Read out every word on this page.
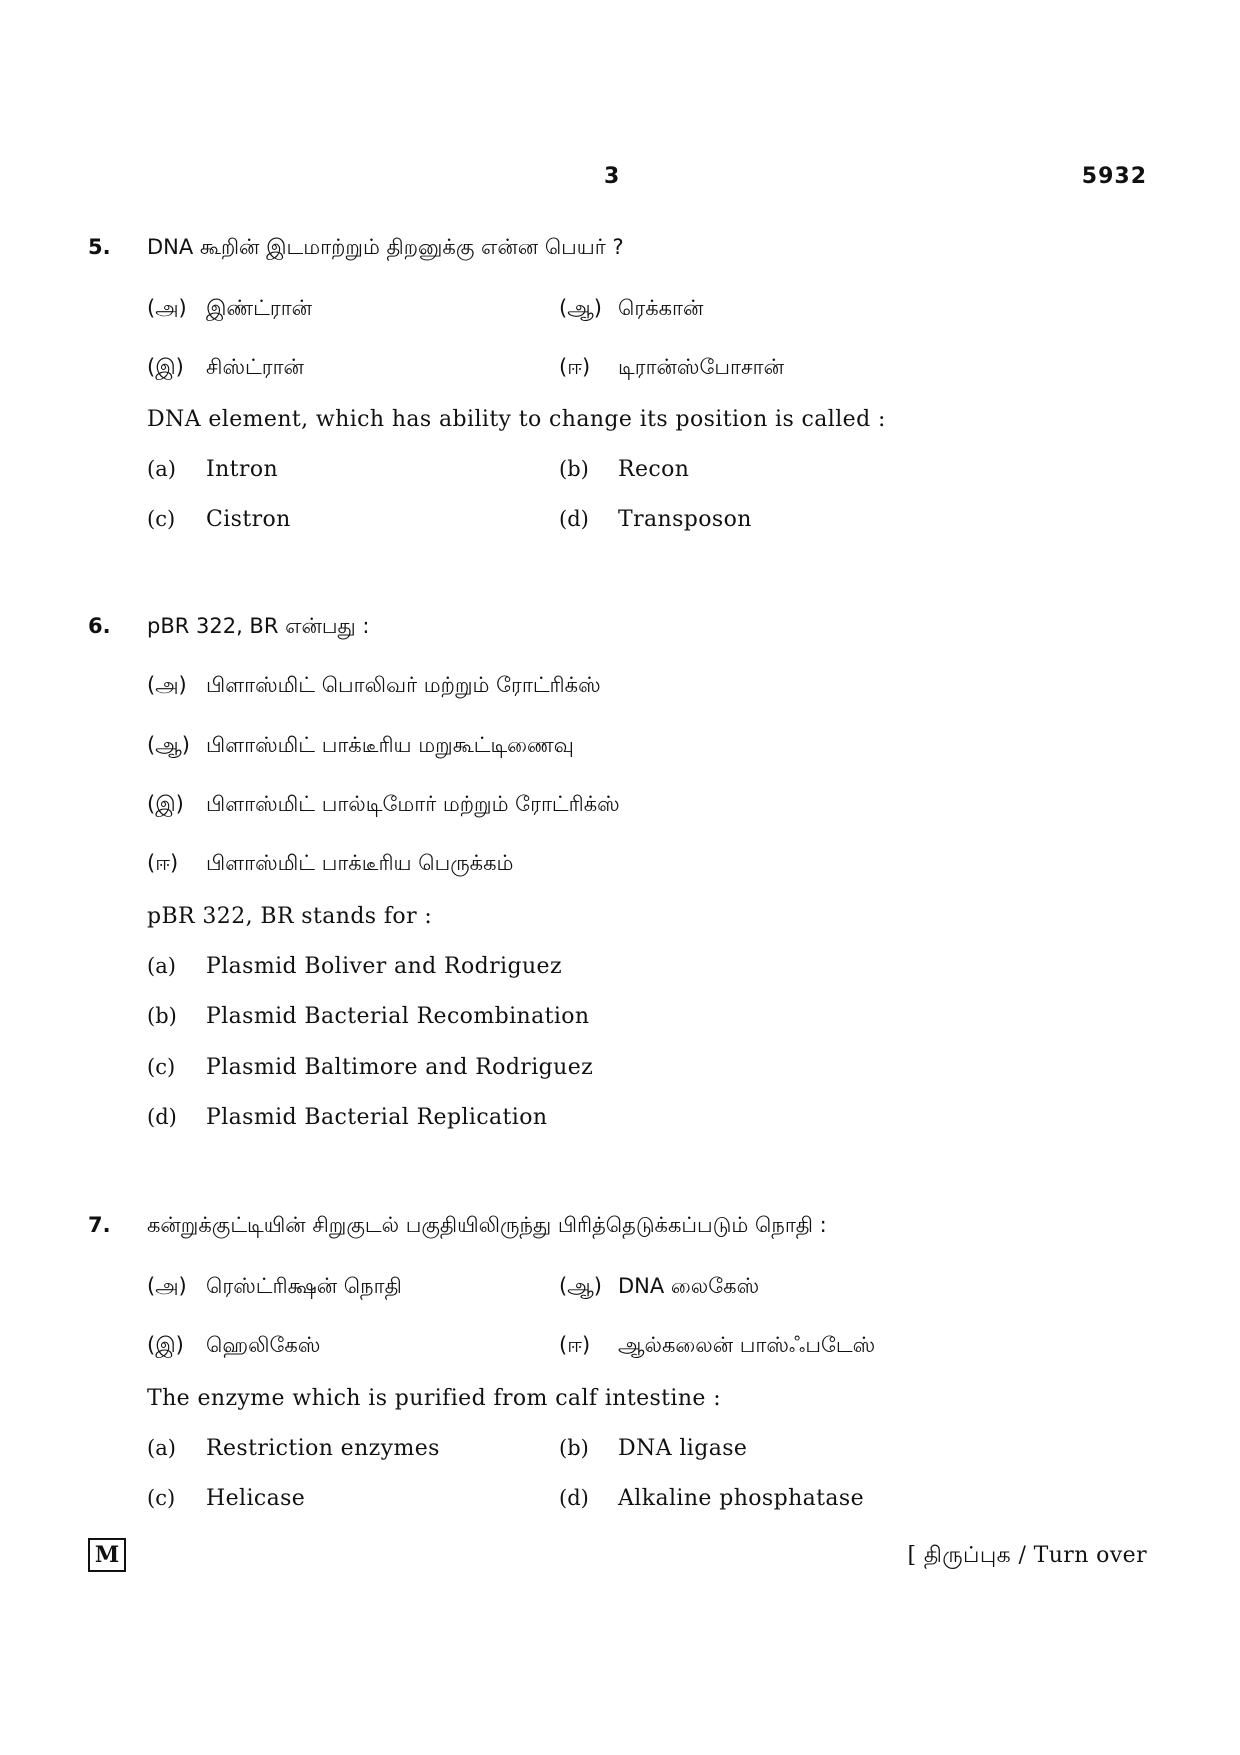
3	5932
5. DNA கூறின் இடமாற்றும் திறனுக்கு என்ன பெயர் ?
(அ) இண்ட்ரான்	(ஆ) ரெக்கான்
(இ) சிஸ்ட்ரான்	(ஈ) டிரான்ஸ்போசான்
DNA element, which has ability to change its position is called :
(a) Intron	(b) Recon
(c) Cistron	(d) Transposon
6. pBR 322, BR என்பது :
(அ) பிளாஸ்மிட் பொலிவர் மற்றும் ரோட்ரிக்ஸ்
(ஆ) பிளாஸ்மிட் பாக்டீரிய மறுகூட்டிணைவு
(இ) பிளாஸ்மிட் பால்டிமோர் மற்றும் ரோட்ரிக்ஸ்
(ஈ) பிளாஸ்மிட் பாக்டீரிய பெருக்கம்
pBR 322, BR stands for :
(a) Plasmid Boliver and Rodriguez
(b) Plasmid Bacterial Recombination
(c) Plasmid Baltimore and Rodriguez
(d) Plasmid Bacterial Replication
7. கன்றுக்குட்டியின் சிறுகுடல் பகுதியிலிருந்து பிரித்தெடுக்கப்படும் நொதி :
(அ) ரெஸ்ட்ரிக்ஷன் நொதி	(ஆ) DNA லைகேஸ்
(இ) ஹெலிகேஸ்	(ஈ) ஆல்கலைன் பாஸ்ஃபடேஸ்
The enzyme which is purified from calf intestine :
(a) Restriction enzymes	(b) DNA ligase
(c) Helicase	(d) Alkaline phosphatase
M	[ திருப்புக / Turn over
